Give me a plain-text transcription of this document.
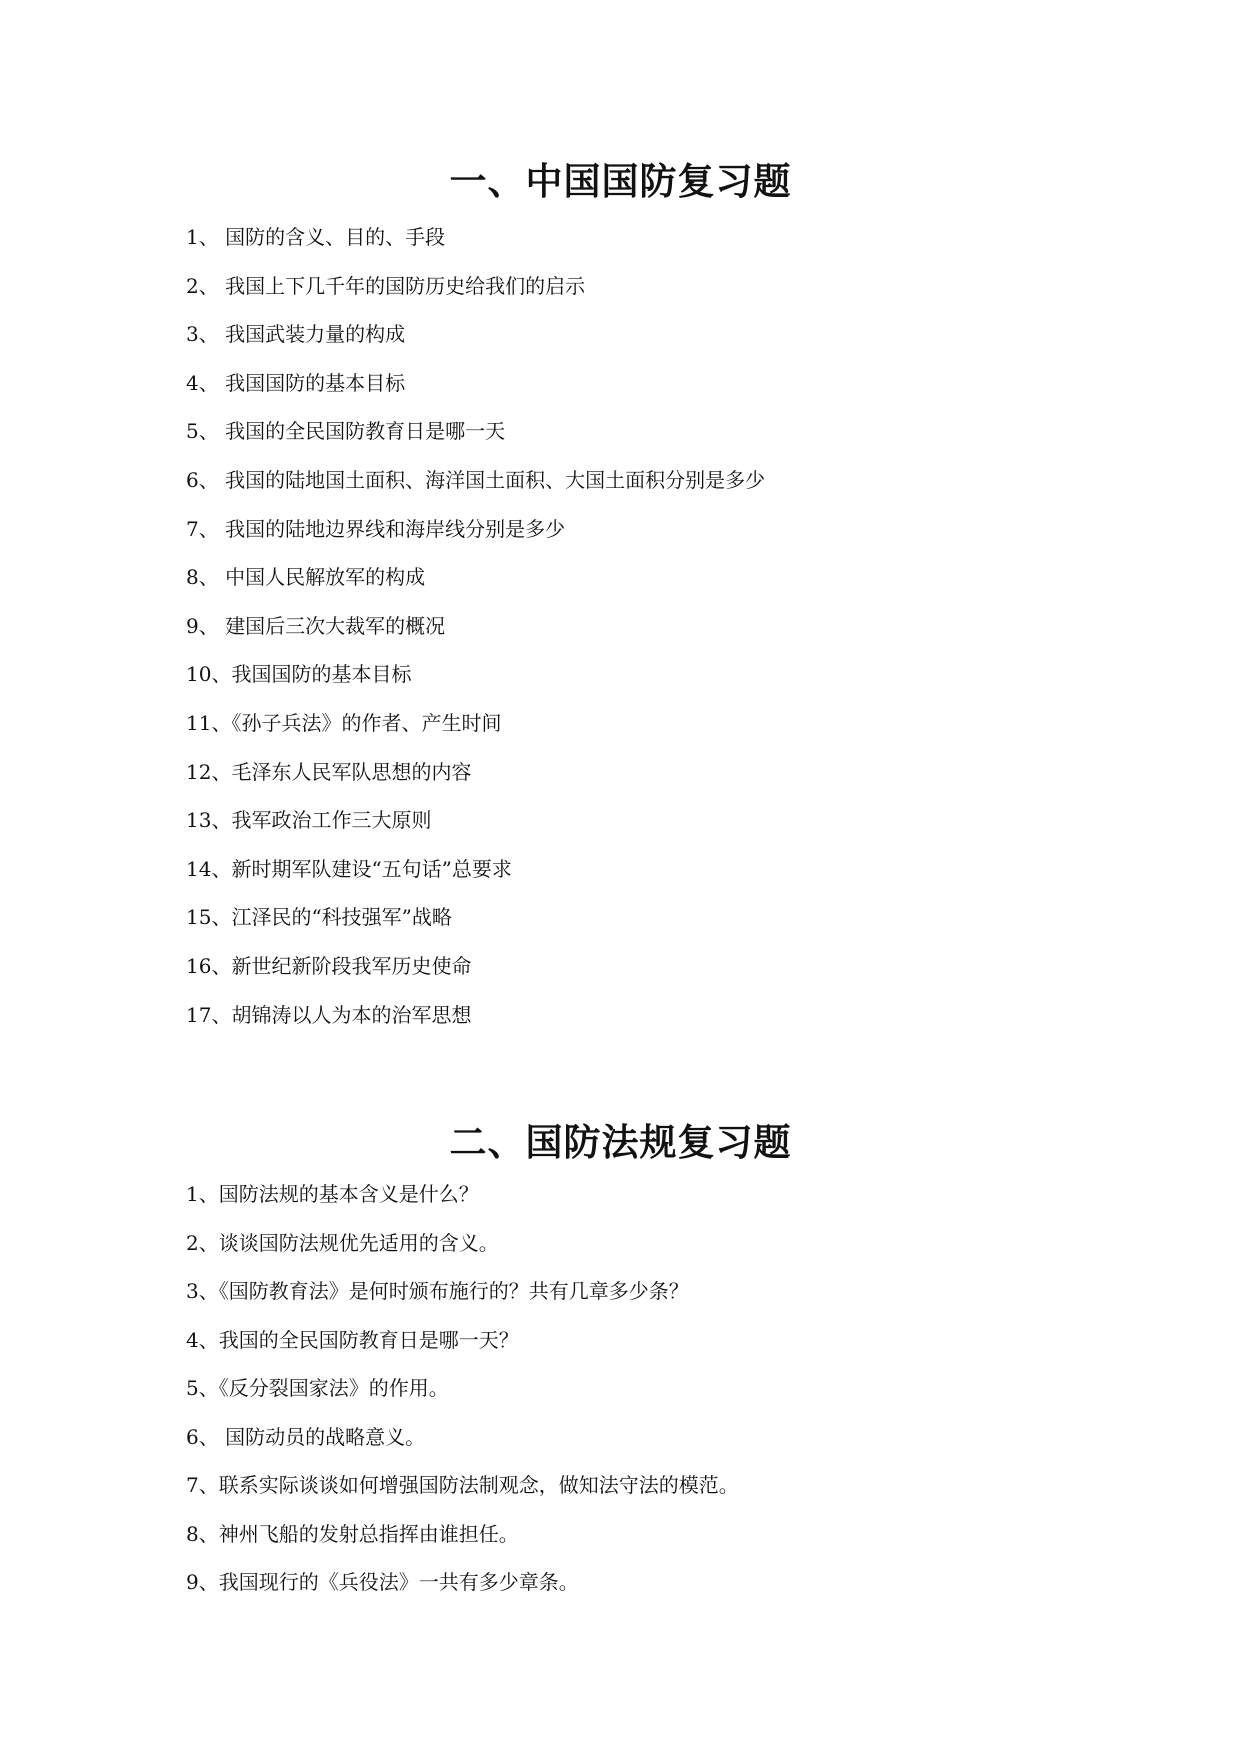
一、中国国防复习题
1、 国防的含义、目的、手段
2、 我国上下几千年的国防历史给我们的启示
3、 我国武装力量的构成
4、 我国国防的基本目标
5、 我国的全民国防教育日是哪一天
6、 我国的陆地国土面积、海洋国土面积、大国土面积分别是多少
7、 我国的陆地边界线和海岸线分别是多少
8、 中国人民解放军的构成
9、 建国后三次大裁军的概况
10、我国国防的基本目标
11、《孙子兵法》的作者、产生时间
12、毛泽东人民军队思想的内容
13、我军政治工作三大原则
14、新时期军队建设“五句话”总要求
15、江泽民的“科技强军”战略
16、新世纪新阶段我军历史使命
17、胡锦涛以人为本的治军思想
二、国防法规复习题
1、国防法规的基本含义是什么？
2、谈谈国防法规优先适用的含义。
3、《国防教育法》是何时颁布施行的？共有几章多少条？
4、我国的全民国防教育日是哪一天？
5、《反分裂国家法》的作用。
6、 国防动员的战略意义。
7、联系实际谈谈如何增强国防法制观念，做知法守法的模范。
8、神州飞船的发射总指挥由谁担任。
9、我国现行的《兵役法》一共有多少章条。
